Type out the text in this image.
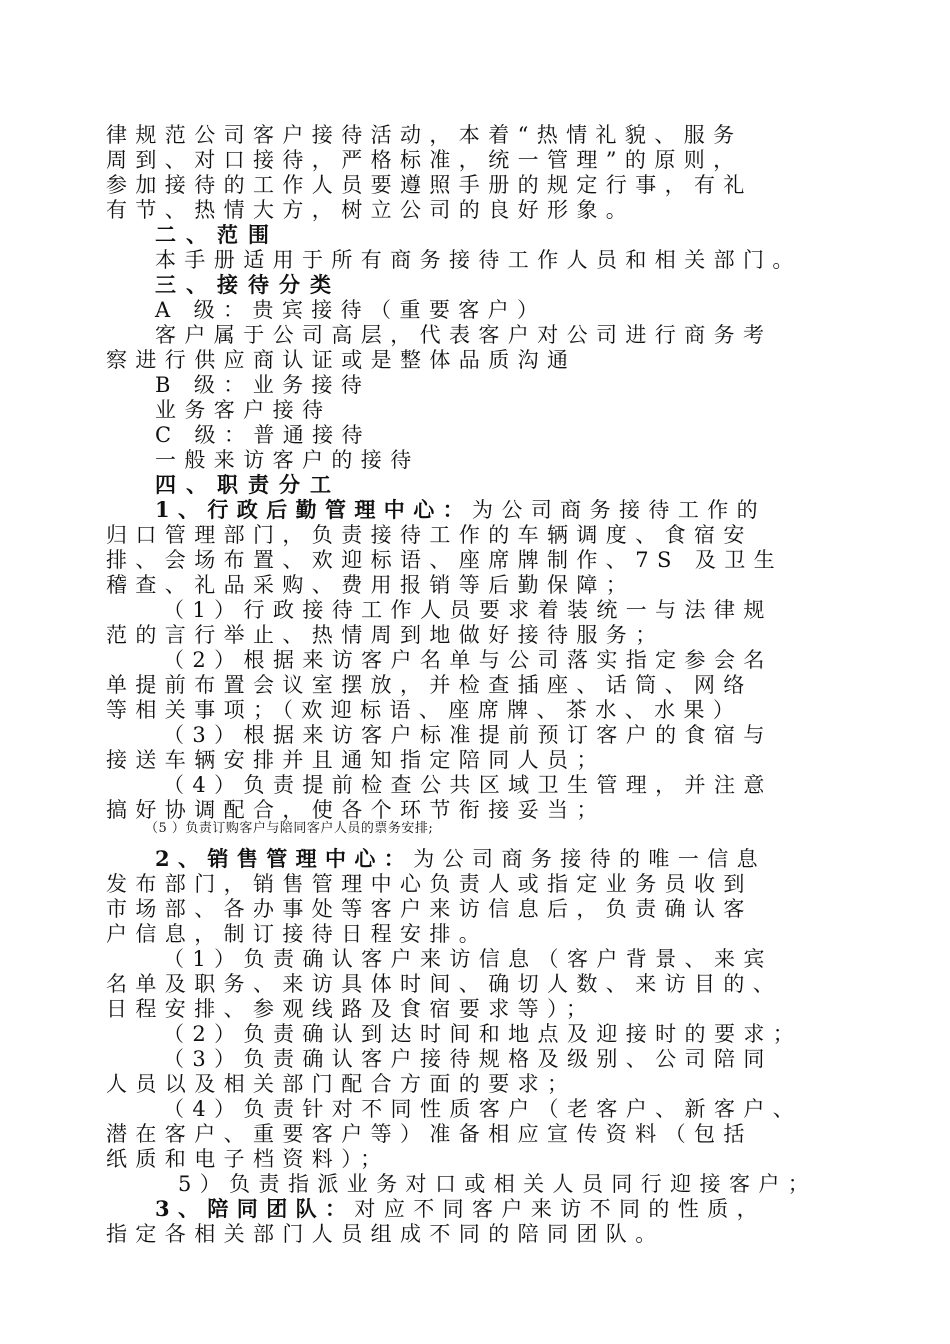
律规范公司客户接待活动，本着“热情礼貌、服务

周到、对口接待，严格标准，统一管理”的原则，

参加接待的工作人员要遵照手册的规定行事，有礼

有节、热情大方，树立公司的良好形象。

二、范围

本手册适用于所有商务接待工作人员和相关部门。

三、接待分类

A 级：贵宾接待（重要客户）

客户属于公司高层，代表客户对公司进行商务考

察进行供应商认证或是整体品质沟通

B 级：业务接待

业务客户接待

C 级：普通接待

一般来访客户的接待

四、职责分工

1、行政后勤管理中心：为公司商务接待工作的

归口管理部门，负责接待工作的车辆调度、食宿安

排、会场布置、欢迎标语、座席牌制作、7S 及卫生

稽查、礼品采购、费用报销等后勤保障；

（1）行政接待工作人员要求着装统一与法律规

范的言行举止、热情周到地做好接待服务；

（2）根据来访客户名单与公司落实指定参会名

单提前布置会议室摆放，并检查插座、话筒、网络

等相关事项；（欢迎标语、座席牌、茶水、水果）

（3）根据来访客户标准提前预订客户的食宿与

接送车辆安排并且通知指定陪同人员；

（4）负责提前检查公共区域卫生管理，并注意

搞好协调配合，使各个环节衔接妥当；

（5 ）负责订购客户与陪同客户人员的票务安排;

2、销售管理中心：为公司商务接待的唯一信息

发布部门，销售管理中心负责人或指定业务员收到

市场部、各办事处等客户来访信息后，负责确认客

户信息，制订接待日程安排。

（1）负责确认客户来访信息（客户背景、来宾

名单及职务、来访具体时间、确切人数、来访目的、

日程安排、参观线路及食宿要求等）；

（2）负责确认到达时间和地点及迎接时的要求；

（3）负责确认客户接待规格及级别、公司陪同

人员以及相关部门配合方面的要求；

（4）负责针对不同性质客户（老客户、新客户、

潜在客户、重要客户等）准备相应宣传资料（包括

纸质和电子档资料）；

5）负责指派业务对口或相关人员同行迎接客户；

3、陪同团队：对应不同客户来访不同的性质，

指定各相关部门人员组成不同的陪同团队。
